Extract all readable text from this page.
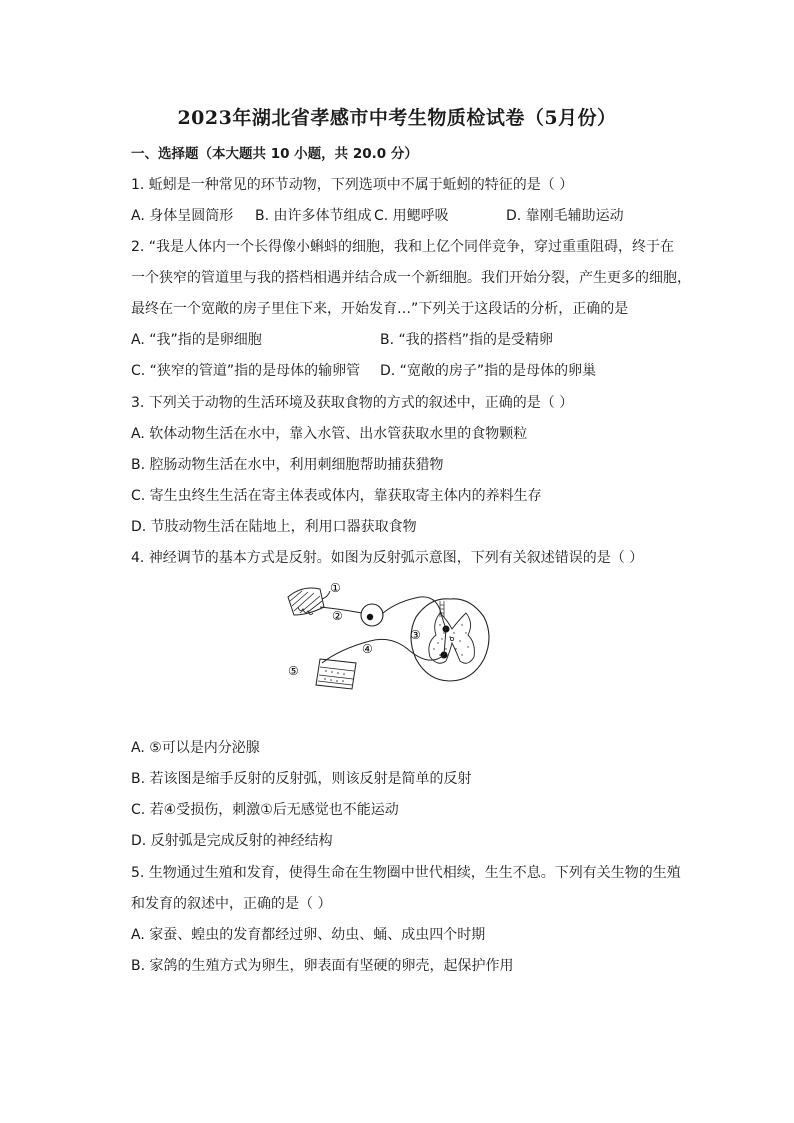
2023年湖北省孝感市中考生物质检试卷（5月份）
一、选择题（本大题共 10 小题，共 20.0 分）
1. 蚯蚓是一种常见的环节动物，下列选项中不属于蚯蚓的特征的是（ ）
A. 身体呈圆筒形 B. 由许多体节组成 C. 用鳃呼吸	D. 靠刚毛辅助运动
2. “我是人体内一个长得像小蝌蚪的细胞，我和上亿个同伴竞争，穿过重重阻碍，终于在
一个狭窄的管道里与我的搭档相遇并结合成一个新细胞。我们开始分裂，产生更多的细胞，
最终在一个宽敞的房子里住下来，开始发育…”下列关于这段话的分析，正确的是
A. “我”指的是卵细胞	B. “我的搭档”指的是受精卵
C. “狭窄的管道”指的是母体的输卵管 D. “宽敞的房子”指的是母体的卵巢
3. 下列关于动物的生活环境及获取食物的方式的叙述中，正确的是（ ）
A. 软体动物生活在水中，靠入水管、出水管获取水里的食物颗粒
B. 腔肠动物生活在水中，利用刺细胞帮助捕获猎物
C. 寄生虫终生生活在寄主体表或体内，靠获取寄主体内的养料生存
D. 节肢动物生活在陆地上，利用口器获取食物
4. 神经调节的基本方式是反射。如图为反射弧示意图，下列有关叙述错误的是（ ）
①
②
③
④
⑤
A. ⑤可以是内分泌腺
B. 若该图是缩手反射的反射弧，则该反射是简单的反射
C. 若④受损伤，刺激①后无感觉也不能运动
D. 反射弧是完成反射的神经结构
5. 生物通过生殖和发育，使得生命在生物圈中世代相续，生生不息。下列有关生物的生殖
和发育的叙述中，正确的是（ ）
A. 家蚕、蝗虫的发育都经过卵、幼虫、蛹、成虫四个时期
B. 家鸽的生殖方式为卵生，卵表面有坚硬的卵壳，起保护作用
